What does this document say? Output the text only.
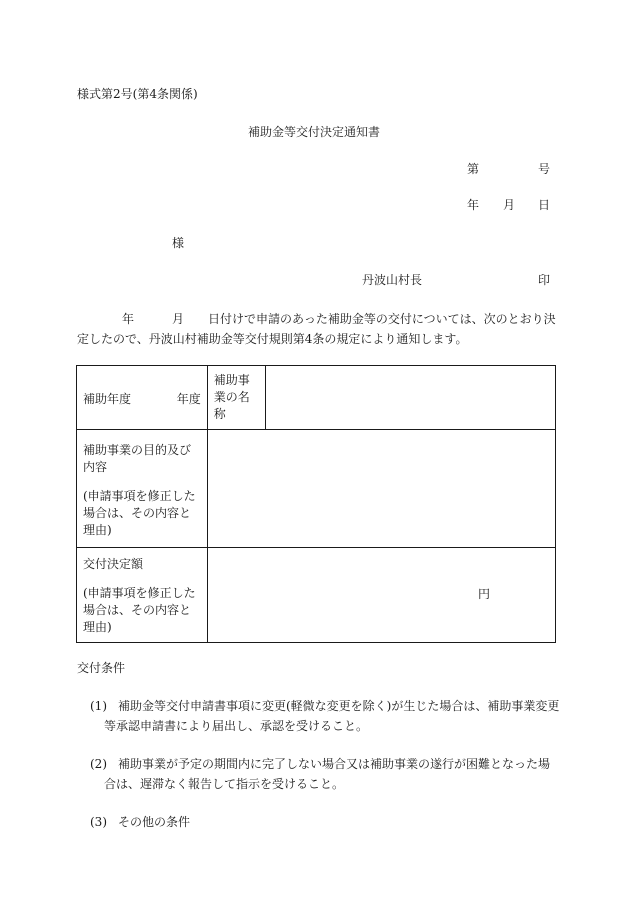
様式第2号(第4条関係)
補助金等交付決定通知書
第	号
年 月 日
様
丹波山村長	印
年	月 日付けで申請のあった補助金等の交付については、次のとおり決
定したので、丹波山村補助金等交付規則第4条の規定により通知します。
補助年度	年度	補助事業の名称	

補助事業の目的及び内容
(申請事項を修正した場合は、その内容と理由)			

交付決定額
(申請事項を修正した場合は、その内容と理由)			

円
交付条件
(1) 補助金等交付申請書事項に変更(軽微な変更を除く)が生じた場合は、補助事業変更
等承認申請書により届出し、承認を受けること。
(2) 補助事業が予定の期間内に完了しない場合又は補助事業の遂行が困難となった場
合は、遅滞なく報告して指示を受けること。
(3) その他の条件
